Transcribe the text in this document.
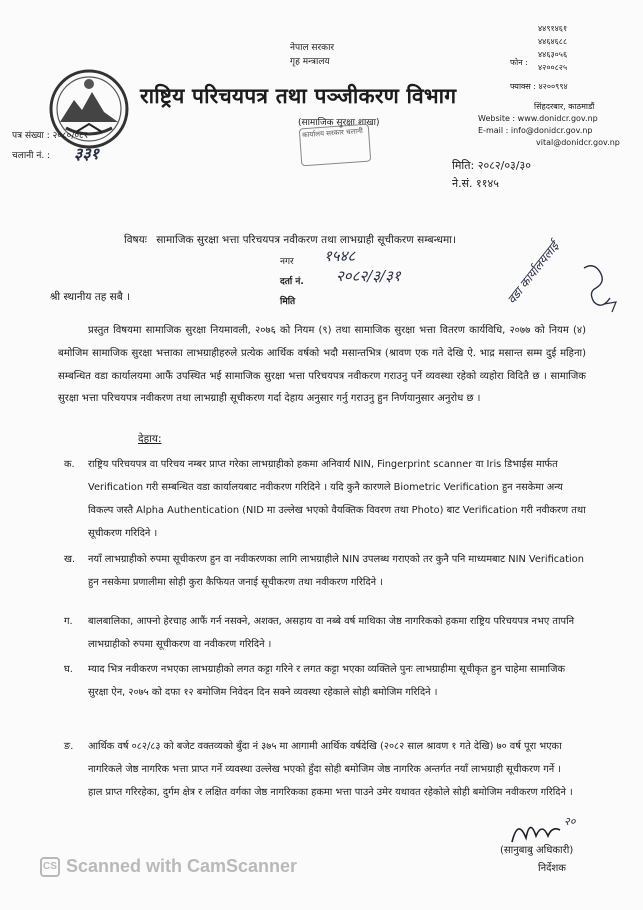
नेपाल सरकार
गृह मन्त्रालय
राष्ट्रिय परिचयपत्र तथा पञ्जीकरण विभाग
(सामाजिक सुरक्षा शाखा)
पत्र संख्या : २०८०/०८१
चलानी नं. : ३३१
कार्यालय सरकार चलानी
४४९१४६१
४४६४६८८
४४६३०५६
४२००८२५
फोन :
फ्याक्स : ४२००९९४
सिंहदरबार, काठमाडौं
Website : www.donidcr.gov.np
E-mail : info@donidcr.gov.np
vital@donidcr.gov.np
मिति: २०८२/०३/३०
ने.सं. ११४५
विषयः सामाजिक सुरक्षा भत्ता परिचयपत्र नवीकरण तथा लाभग्राही सूचीकरण सम्बन्धमा।
नगर १५४८
दर्ता नं. २०८२/३/३१
मिति	वडा कार्यालयलाई
श्री स्थानीय तह सबै ।
प्रस्तुत विषयमा सामाजिक सुरक्षा नियमावली, २०७६ को नियम (९) तथा सामाजिक सुरक्षा भत्ता वितरण कार्यविधि, २०७७ को नियम (४) बमोजिम सामाजिक सुरक्षा भत्ताका लाभग्राहीहरुले प्रत्येक आर्थिक वर्षको भदौ मसान्तभित्र (श्रावण एक गते देखि ऐ. भाद्र मसान्त सम्म दुई महिना) सम्बन्धित वडा कार्यालयमा आफैं उपस्थित भई सामाजिक सुरक्षा भत्ता परिचयपत्र नवीकरण गराउनु पर्ने व्यवस्था रहेको व्यहोरा विदितै छ । सामाजिक सुरक्षा भत्ता परिचयपत्र नवीकरण तथा लाभग्राही सूचीकरण गर्दा देहाय अनुसार गर्नु गराउनु हुन निर्णयानुसार अनुरोध छ ।
देहाय:
क. राष्ट्रिय परिचयपत्र वा परिचय नम्बर प्राप्त गरेका लाभग्राहीको हकमा अनिवार्य NIN, Fingerprint scanner वा Iris डिभाईस मार्फत Verification गरी सम्बन्धित वडा कार्यालयबाट नवीकरण गरिदिने । यदि कुनै कारणले Biometric Verification हुन नसकेमा अन्य विकल्प जस्तै Alpha Authentication (NID मा उल्लेख भएको वैयक्तिक विवरण तथा Photo) बाट Verification गरी नवीकरण तथा सूचीकरण गरिदिने ।
ख. नयाँ लाभग्राहीको रुपमा सूचीकरण हुन वा नवीकरणका लागि लाभग्राहीले NIN उपलब्ध गराएको तर कुनै पनि माध्यमबाट NIN Verification हुन नसकेमा प्रणालीमा सोही कुरा कैफियत जनाई सूचीकरण तथा नवीकरण गरिदिने ।
ग. बालबालिका, आफ्नो हेरचाह आफैं गर्न नसक्ने, अशक्त, असहाय वा नब्बे वर्ष माथिका जेष्ठ नागरिकको हकमा राष्ट्रिय परिचयपत्र नभए तापनि लाभग्राहीको रुपमा सूचीकरण वा नवीकरण गरिदिने ।
घ. म्याद भित्र नवीकरण नभएका लाभग्राहीको लगत कट्टा गरिने र लगत कट्टा भएका व्यक्तिले पुनः लाभग्राहीमा सूचीकृत हुन चाहेमा सामाजिक सुरक्षा ऐन, २०७५ को दफा १२ बमोजिम निवेदन दिन सक्ने व्यवस्था रहेकाले सोही बमोजिम गरिदिने ।
ङ. आर्थिक वर्ष ०८२/८३ को बजेट वक्तव्यको बुँदा नं ३७५ मा आगामी आर्थिक वर्षदेखि (२०८२ साल श्रावण १ गते देखि) ७० वर्ष पूरा भएका नागरिकले जेष्ठ नागरिक भत्ता प्राप्त गर्ने व्यवस्था उल्लेख भएको हुँदा सोही बमोजिम जेष्ठ नागरिक अन्तर्गत नयाँ लाभग्राही सूचीकरण गर्ने । हाल प्राप्त गरिरहेका, दुर्गम क्षेत्र र लक्षित वर्गका जेष्ठ नागरिकका हकमा भत्ता पाउने उमेर यथावत रहेकोले सोही बमोजिम नवीकरण गरिदिने ।
२०
(सानुबाबु अधिकारी)
निर्देशक
CS Scanned with CamScanner
